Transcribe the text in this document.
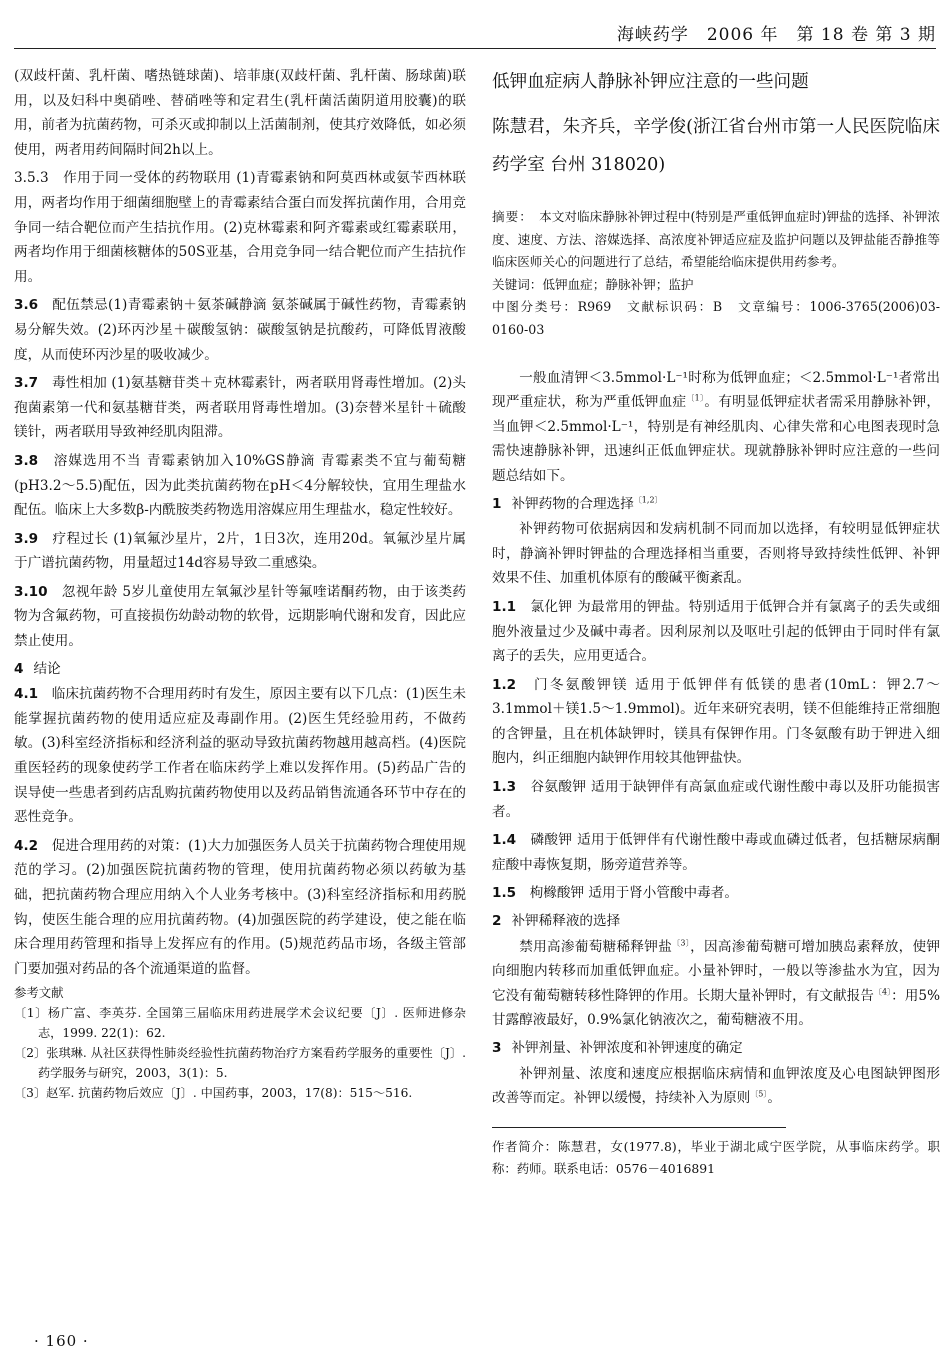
海峡药学　2006 年　第 18 卷 第 3 期

(双歧杆菌、乳杆菌、嗜热链球菌)、培菲康(双歧杆菌、乳杆菌、肠球菌)联用，以及妇科中奥硝唑、替硝唑等和定君生(乳杆菌活菌阴道用胶囊)的联用，前者为抗菌药物，可杀灭或抑制以上活菌制剂，使其疗效降低，如必须使用，两者用药间隔时间2h以上。

3.5.3　 作用于同一受体的药物联用 (1)青霉素钠和阿莫西林或氨苄西林联用，两者均作用于细菌细胞壁上的青霉素结合蛋白而发挥抗菌作用，合用竞争同一结合靶位而产生拮抗作用。(2)克林霉素和阿齐霉素或红霉素联用，两者均作用于细菌核糖体的50S亚基，合用竞争同一结合靶位而产生拮抗作用。

3.6　 配伍禁忌(1)青霉素钠＋氨茶碱静滴 氨茶碱属于碱性药物，青霉素钠易分解失效。(2)环丙沙星＋碳酸氢钠：碳酸氢钠是抗酸药，可降低胃液酸度，从而使环丙沙星的吸收减少。

3.7　 毒性相加 (1)氨基糖苷类＋克林霉素针，两者联用肾毒性增加。(2)头孢菌素第一代和氨基糖苷类，两者联用肾毒性增加。(3)奈替米星针＋硫酸镁针，两者联用导致神经肌肉阻滞。

3.8　 溶媒选用不当 青霉素钠加入10%GS静滴 青霉素类不宜与葡萄糖(pH3.2～5.5)配伍，因为此类抗菌药物在pH＜4分解较快，宜用生理盐水配伍。临床上大多数β-内酰胺类药物选用溶媒应用生理盐水，稳定性较好。

3.9　 疗程过长 (1)氧氟沙星片，2片，1日3次，连用20d。氧氟沙星片属于广谱抗菌药物，用量超过14d容易导致二重感染。

3.10　 忽视年龄 5岁儿童使用左氧氟沙星针等氟喹诺酮药物，由于该类药物为含氟药物，可直接损伤幼龄动物的软骨，远期影响代谢和发育，因此应禁止使用。

4 结论

4.1　 临床抗菌药物不合理用药时有发生，原因主要有以下几点：(1)医生未能掌握抗菌药物的使用适应症及毒副作用。(2)医生凭经验用药，不做药敏。(3)科室经济指标和经济利益的驱动导致抗菌药物越用越高档。(4)医院重医轻药的现象使药学工作者在临床药学上难以发挥作用。(5)药品广告的误导使一些患者到药店乱购抗菌药物使用以及药品销售流通各环节中存在的恶性竞争。

4.2　 促进合理用药的对策：(1)大力加强医务人员关于抗菌药物合理使用规范的学习。(2)加强医院抗菌药物的管理，使用抗菌药物必须以药敏为基础，把抗菌药物合理应用纳入个人业务考核中。(3)科室经济指标和用药脱钩，使医生能合理的应用抗菌药物。(4)加强医院的药学建设，使之能在临床合理用药管理和指导上发挥应有的作用。(5)规范药品市场，各级主管部门要加强对药品的各个流通渠道的监督。

参考文献

〔1〕杨广富、李英芬. 全国第三届临床用药进展学术会议纪要〔J〕. 医师进修杂志，1999. 22(1)：62.

〔2〕张琪琳. 从社区获得性肺炎经验性抗菌药物治疗方案看药学服务的重要性〔J〕. 药学服务与研究，2003，3(1)：5.

〔3〕赵军. 抗菌药物后效应〔J〕. 中国药事，2003，17(8)：515～516.

低钾血症病人静脉补钾应注意的一些问题

陈慧君，朱齐兵，辛学俊(浙江省台州市第一人民医院临床药学室 台州 318020)

摘要：　 本文对临床静脉补钾过程中(特别是严重低钾血症时)钾盐的选择、补钾浓度、速度、方法、溶媒选择、高浓度补钾适应症及监护问题以及钾盐能否静推等临床医师关心的问题进行了总结，希望能给临床提供用药参考。

关键词：低钾血症；静脉补钾；监护

中图分类号：R969　文献标识码：B　文章编号：1006-3765(2006)03-0160-03

一般血清钾＜3.5mmol·L⁻¹时称为低钾血症；＜2.5mmol·L⁻¹者常出现严重症状，称为严重低钾血症$^{〔1〕}$。有明显低钾症状者需采用静脉补钾，当血钾＜2.5mmol·L⁻¹，特别是有神经肌肉、心律失常和心电图表现时急需快速静脉补钾，迅速纠正低血钾症状。现就静脉补钾时应注意的一些问题总结如下。

1 补钾药物的合理选择$^{〔1,2〕}$

补钾药物可依据病因和发病机制不同而加以选择，有较明显低钾症状时，静滴补钾时钾盐的合理选择相当重要，否则将导致持续性低钾、补钾效果不佳、加重机体原有的酸碱平衡紊乱。

1.1　 氯化钾 为最常用的钾盐。特别适用于低钾合并有氯离子的丢失或细胞外液量过少及碱中毒者。因利尿剂以及呕吐引起的低钾由于同时伴有氯离子的丢失，应用更适合。

1.2　 门冬氨酸钾镁 适用于低钾伴有低镁的患者(10mL：钾2.7～3.1mmol＋镁1.5～1.9mmol)。近年来研究表明，镁不但能维持正常细胞的含钾量，且在机体缺钾时，镁具有保钾作用。门冬氨酸有助于钾进入细胞内，纠正细胞内缺钾作用较其他钾盐快。

1.3　 谷氨酸钾 适用于缺钾伴有高氯血症或代谢性酸中毒以及肝功能损害者。

1.4　 磷酸钾 适用于低钾伴有代谢性酸中毒或血磷过低者，包括糖尿病酮症酸中毒恢复期，肠旁道营养等。

1.5　 枸橼酸钾 适用于肾小管酸中毒者。

2 补钾稀释液的选择

禁用高渗葡萄糖稀释钾盐$^{〔3〕}$，因高渗葡萄糖可增加胰岛素释放，使钾向细胞内转移而加重低钾血症。小量补钾时，一般以等渗盐水为宜，因为它没有葡萄糖转移性降钾的作用。长期大量补钾时，有文献报告$^{〔4〕}$：用5%甘露醇液最好，0.9%氯化钠液次之，葡萄糖液不用。

3 补钾剂量、补钾浓度和补钾速度的确定

补钾剂量、浓度和速度应根据临床病情和血钾浓度及心电图缺钾图形改善等而定。补钾以缓慢，持续补入为原则$^{〔5〕}$。

作者简介：陈慧君，女(1977.8)，毕业于湖北咸宁医学院，从事临床药学。职称：药师。联系电话：0576－4016891

· 160 ·
